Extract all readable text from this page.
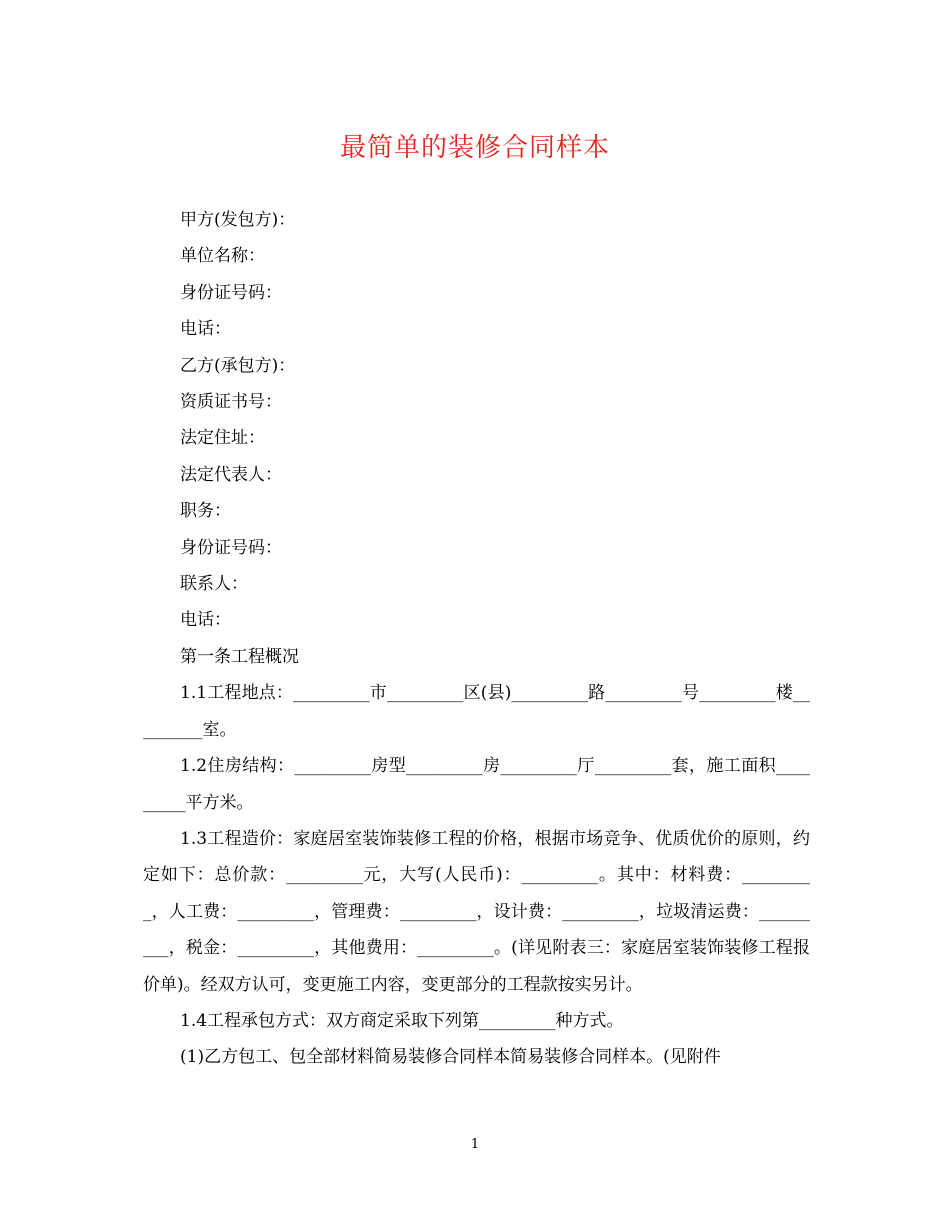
最简单的装修合同样本

甲方(发包方)：

单位名称：

身份证号码：

电话：

乙方(承包方)：

资质证书号：

法定住址：

法定代表人：

职务：

身份证号码：

联系人：

电话：

第一条工程概况

1.1工程地点：_________市_________区(县)_________路_________号_________楼_________室。

1.2住房结构：_________房型_________房_________厅_________套，施工面积_________平方米。

1.3工程造价：家庭居室装饰装修工程的价格，根据市场竞争、优质优价的原则，约定如下：总价款：_________元，大写(人民币)：_________。其中：材料费：_________，人工费：_________，管理费：_________，设计费：_________，垃圾清运费：_________，税金：_________，其他费用：_________。(详见附表三：家庭居室装饰装修工程报价单)。经双方认可，变更施工内容，变更部分的工程款按实另计。

1.4工程承包方式：双方商定采取下列第_________种方式。

(1)乙方包工、包全部材料简易装修合同样本简易装修合同样本。(见附件

1
